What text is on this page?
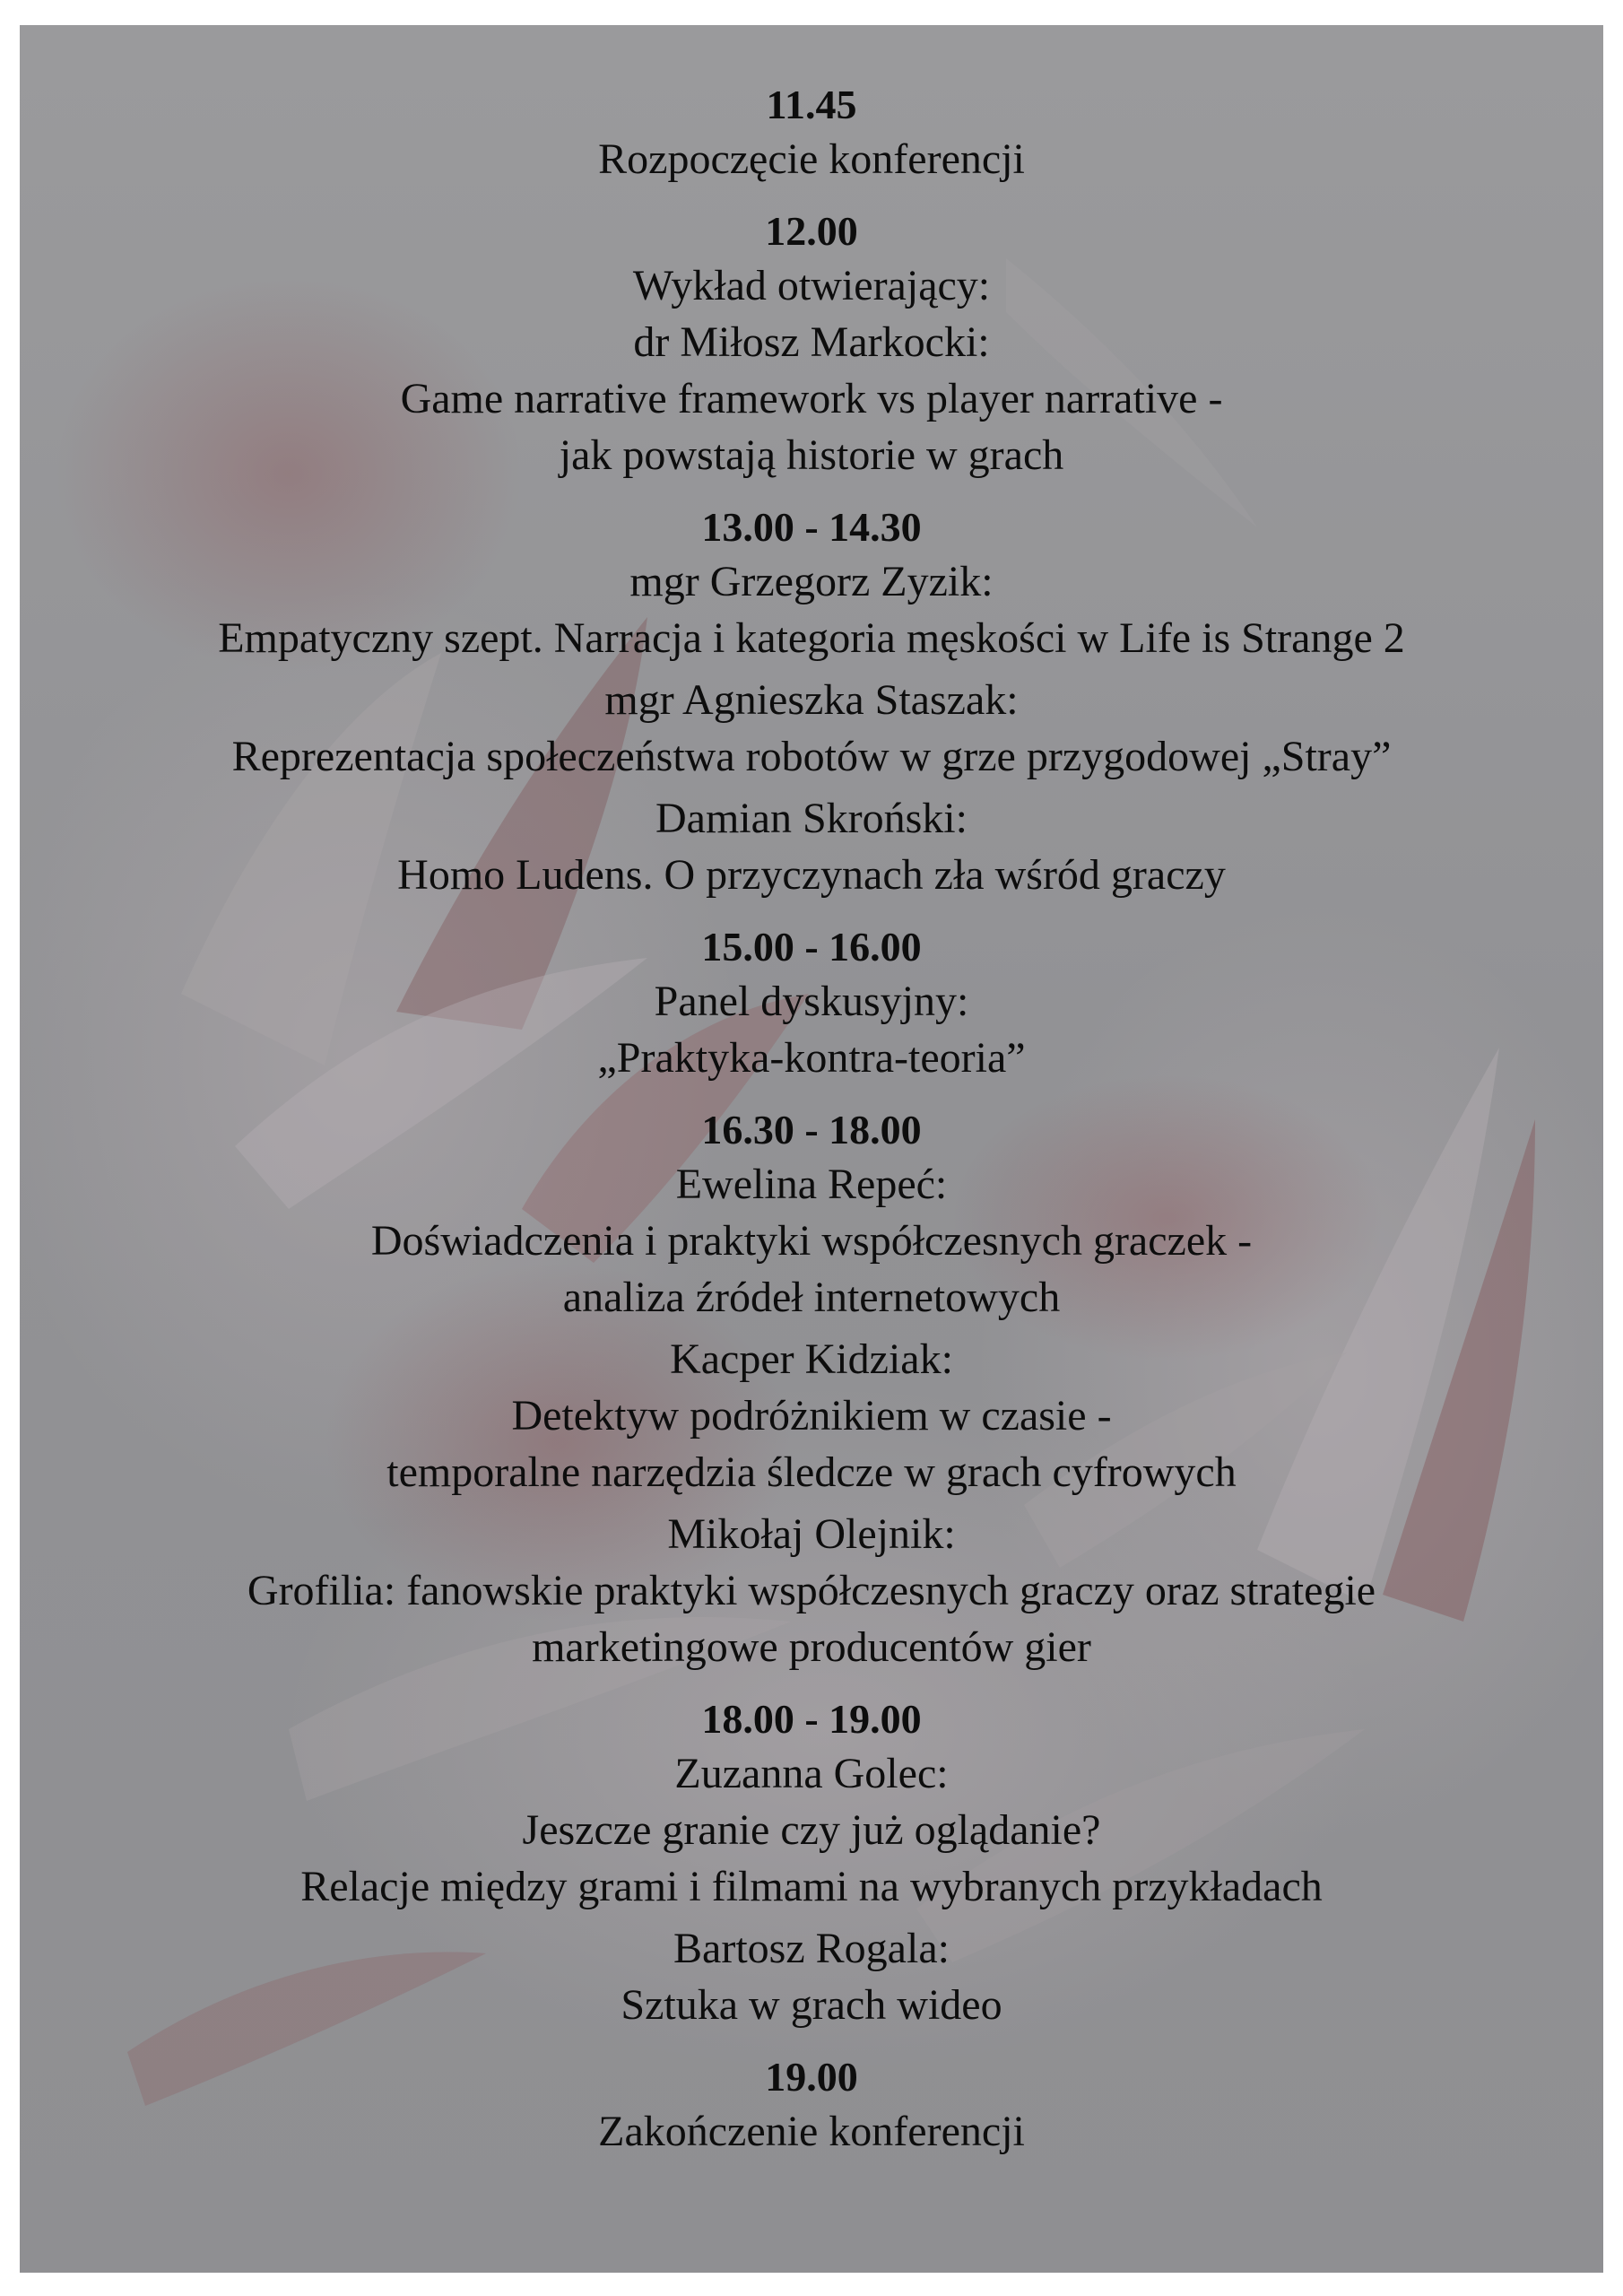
11.45
Rozpoczęcie konferencji
12.00
Wykład otwierający:
dr Miłosz Markocki:
Game narrative framework vs player narrative -
jak powstają historie w grach
13.00 - 14.30
mgr Grzegorz Zyzik:
Empatyczny szept. Narracja i kategoria męskości w Life is Strange 2
mgr Agnieszka Staszak:
Reprezentacja społeczeństwa robotów w grze przygodowej „Stray”
Damian Skroński:
Homo Ludens. O przyczynach zła wśród graczy
15.00 - 16.00
Panel dyskusyjny:
„Praktyka-kontra-teoria”
16.30 - 18.00
Ewelina Repeć:
Doświadczenia i praktyki współczesnych graczek -
analiza źródeł internetowych
Kacper Kidziak:
Detektyw podróżnikiem w czasie -
temporalne narzędzia śledcze w grach cyfrowych
Mikołaj Olejnik:
Grofilia: fanowskie praktyki współczesnych graczy oraz strategie
marketingowe producentów gier
18.00 - 19.00
Zuzanna Golec:
Jeszcze granie czy już oglądanie?
Relacje między grami i filmami na wybranych przykładach
Bartosz Rogala:
Sztuka w grach wideo
19.00
Zakończenie konferencji
